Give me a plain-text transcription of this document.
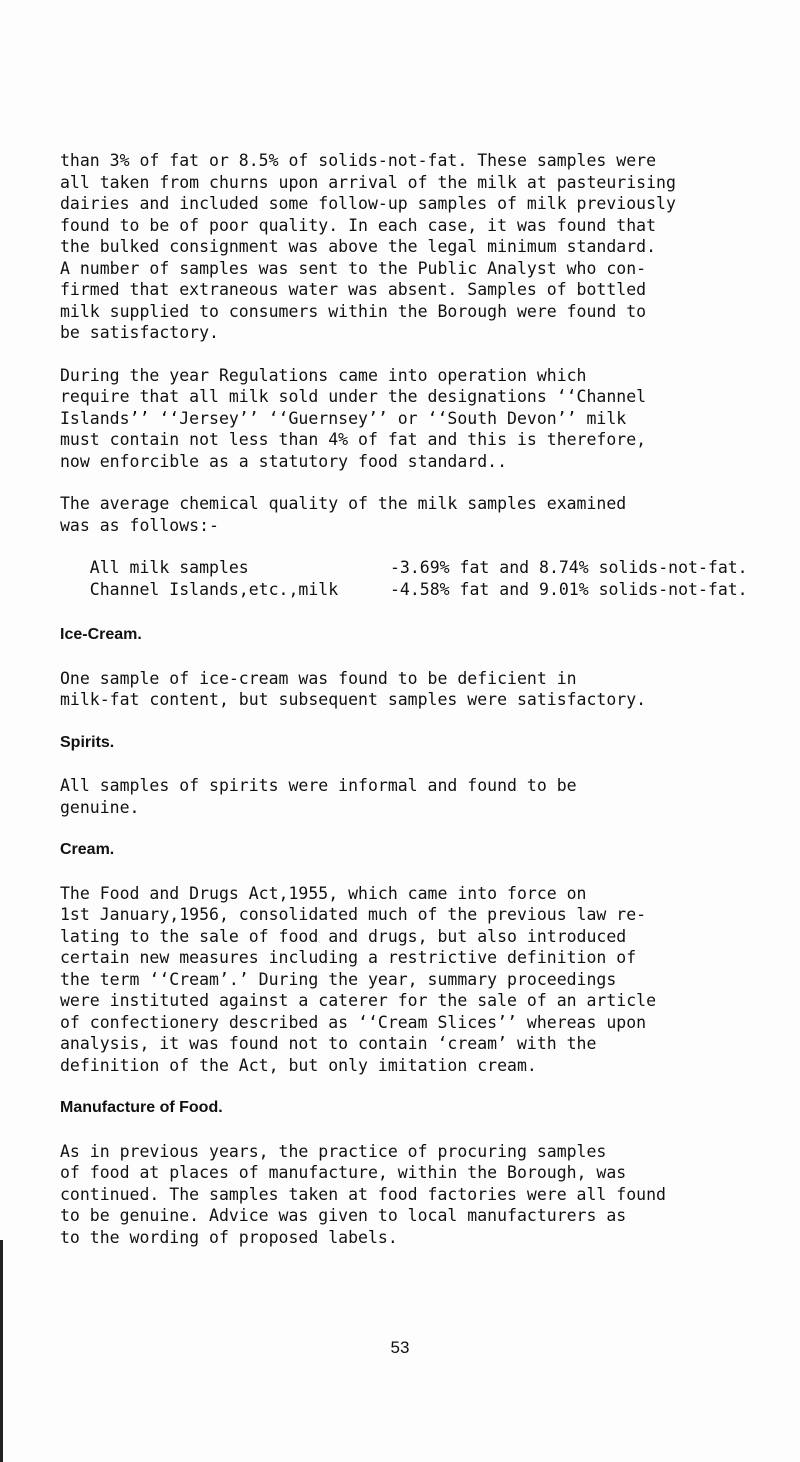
than 3% of fat or 8.5% of solids-not-fat. These samples were
all taken from churns upon arrival of the milk at pasteurising
dairies and included some follow-up samples of milk previously
found to be of poor quality. In each case, it was found that
the bulked consignment was above the legal minimum standard.
A number of samples was sent to the Public Analyst who con-
firmed that extraneous water was absent. Samples of bottled
milk supplied to consumers within the Borough were found to
be satisfactory.

During the year Regulations came into operation which
require that all milk sold under the designations ‘‘Channel
Islands’’ ‘‘Jersey’’ ‘‘Guernsey’’ or ‘‘South Devon’’ milk
must contain not less than 4% of fat and this is therefore,
now enforcible as a statutory food standard..

The average chemical quality of the milk samples examined
was as follows:-

All milk samples	-3.69% fat and 8.74% solids-not-fat.
Channel Islands,etc.,milk	-4.58% fat and 9.01% solids-not-fat.

Ice-Cream.

One sample of ice-cream was found to be deficient in
milk-fat content, but subsequent samples were satisfactory.

Spirits.

All samples of spirits were informal and found to be
genuine.

Cream.

The Food and Drugs Act,1955, which came into force on
1st January,1956, consolidated much of the previous law re-
lating to the sale of food and drugs, but also introduced
certain new measures including a restrictive definition of
the term ‘‘Cream’.’ During the year, summary proceedings
were instituted against a caterer for the sale of an article
of confectionery described as ‘‘Cream Slices’’ whereas upon
analysis, it was found not to contain ‘cream’ with the
definition of the Act, but only imitation cream.

Manufacture of Food.

As in previous years, the practice of procuring samples
of food at places of manufacture, within the Borough, was
continued. The samples taken at food factories were all found
to be genuine. Advice was given to local manufacturers as
to the wording of proposed labels.

53
